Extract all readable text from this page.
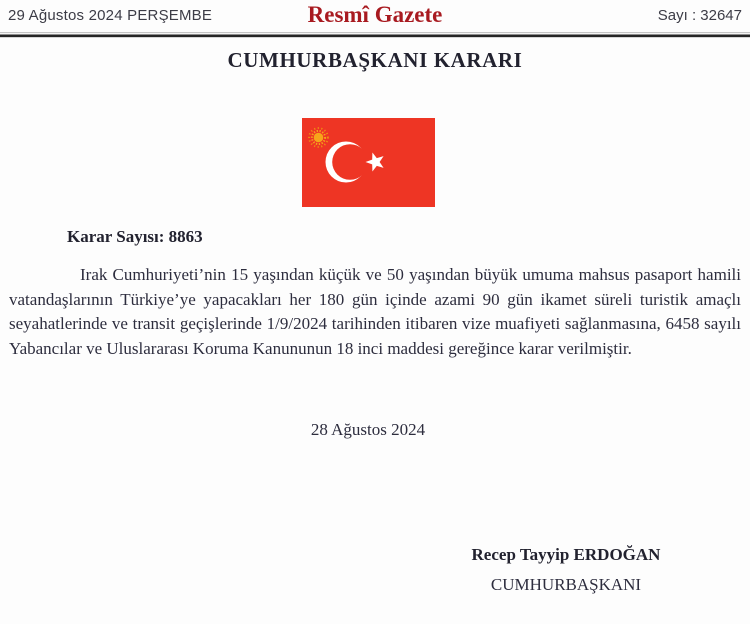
29 Ağustos 2024 PERŞEMBE	Resmî Gazete	Sayı : 32647
CUMHURBAŞKANI KARARI
Karar Sayısı: 8863

Irak Cumhuriyeti’nin 15 yaşından küçük ve 50 yaşından büyük umuma mahsus pasaport hamili vatandaşlarının Türkiye’ye yapacakları her 180 gün içinde azami 90 gün ikamet süreli turistik amaçlı seyahatlerinde ve transit geçişlerinde 1/9/2024 tarihinden itibaren vize muafiyeti sağlanmasına, 6458 sayılı Yabancılar ve Uluslararası Koruma Kanununun 18 inci maddesi gereğince karar verilmiştir.

28 Ağustos 2024
Recep Tayyip ERDOĞAN
CUMHURBAŞKANI
